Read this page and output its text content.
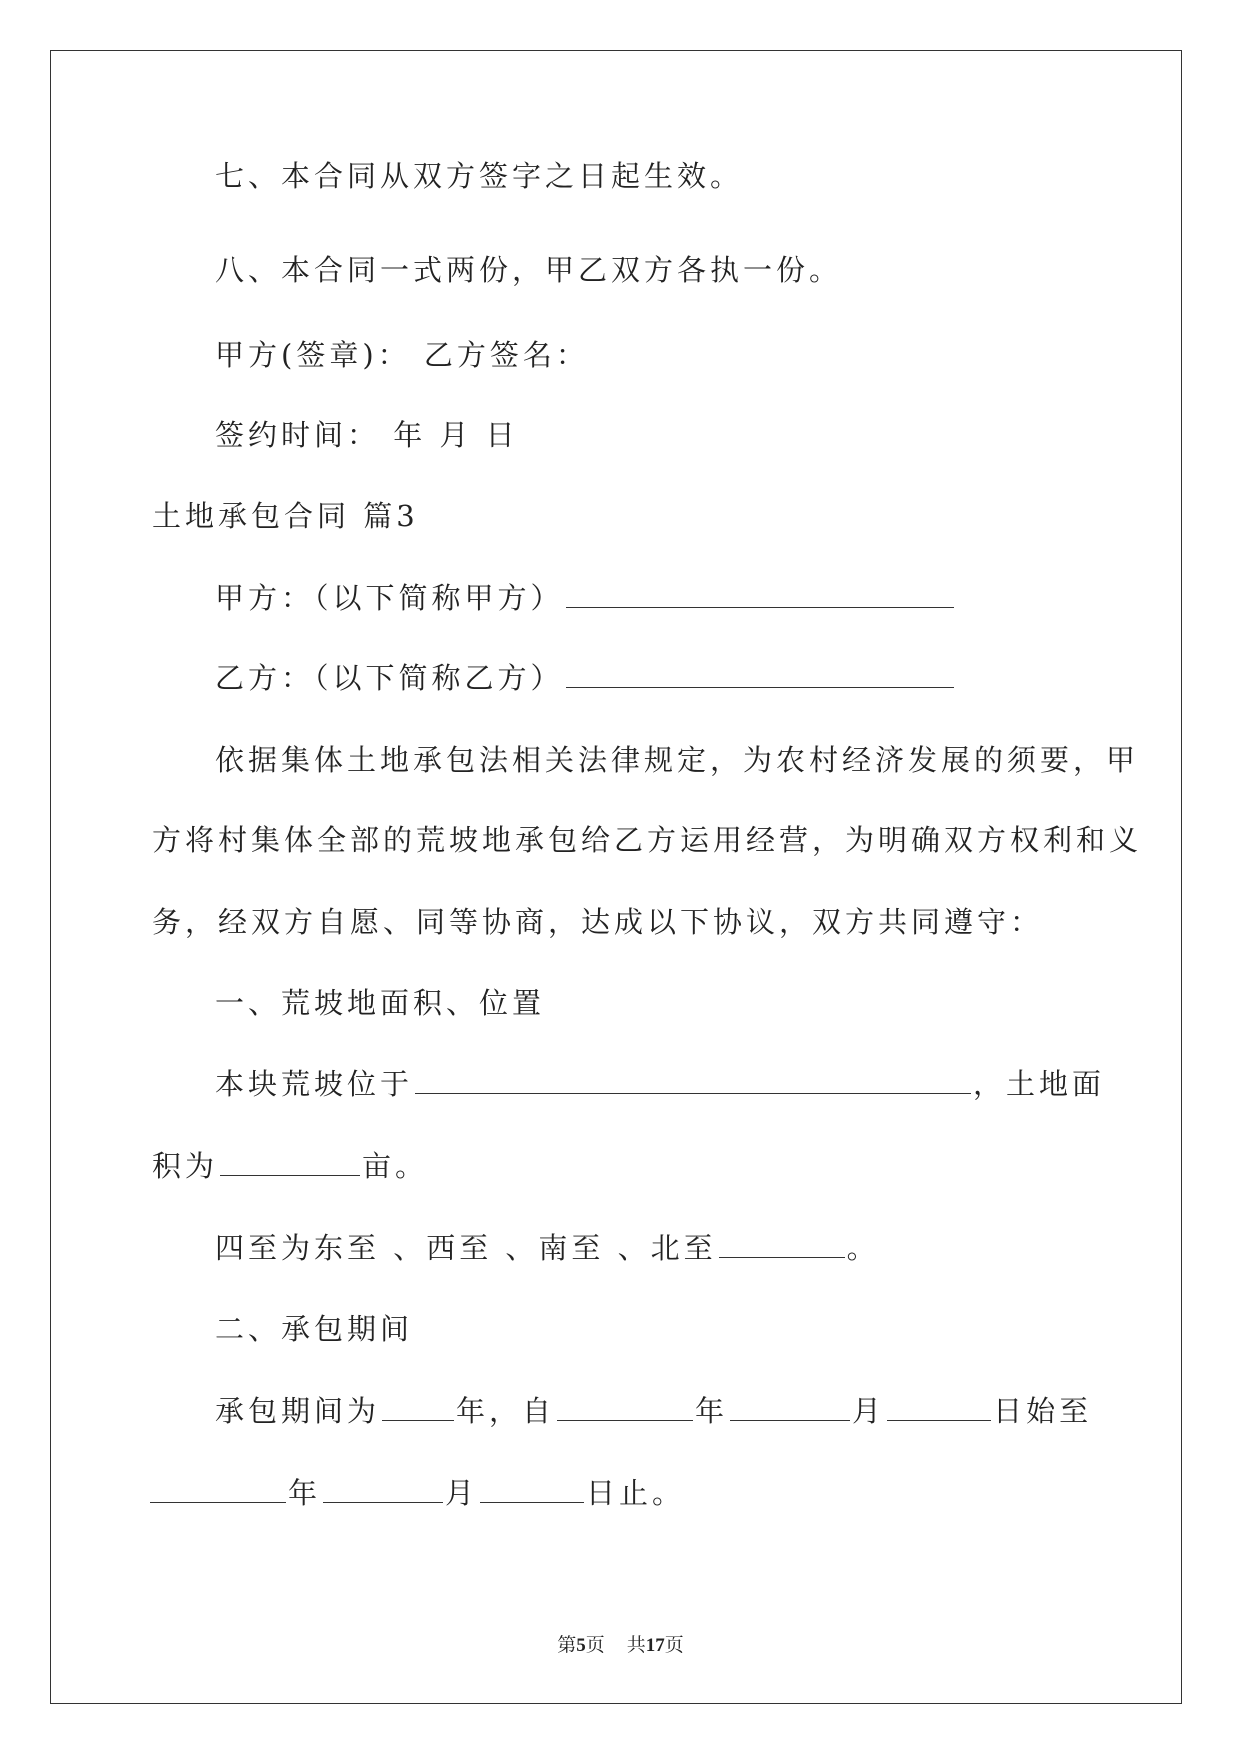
七、本合同从双方签字之日起生效。
八、本合同一式两份，甲乙双方各执一份。
甲方(签章)： 乙方签名：
签约时间： 年 月 日
土地承包合同 篇3
甲方：（以下简称甲方）
乙方：（以下简称乙方）
依据集体土地承包法相关法律规定，为农村经济发展的须要，甲
方将村集体全部的荒坡地承包给乙方运用经营，为明确双方权利和义
务，经双方自愿、同等协商，达成以下协议，双方共同遵守：
一、荒坡地面积、位置
本块荒坡位于	，土地面
积为	亩。
四至为东至 、西至 、南至 、北至	。
二、承包期间
承包期间为	年，自	年	月	日始至
年	月	日止。
第5页 共17页
